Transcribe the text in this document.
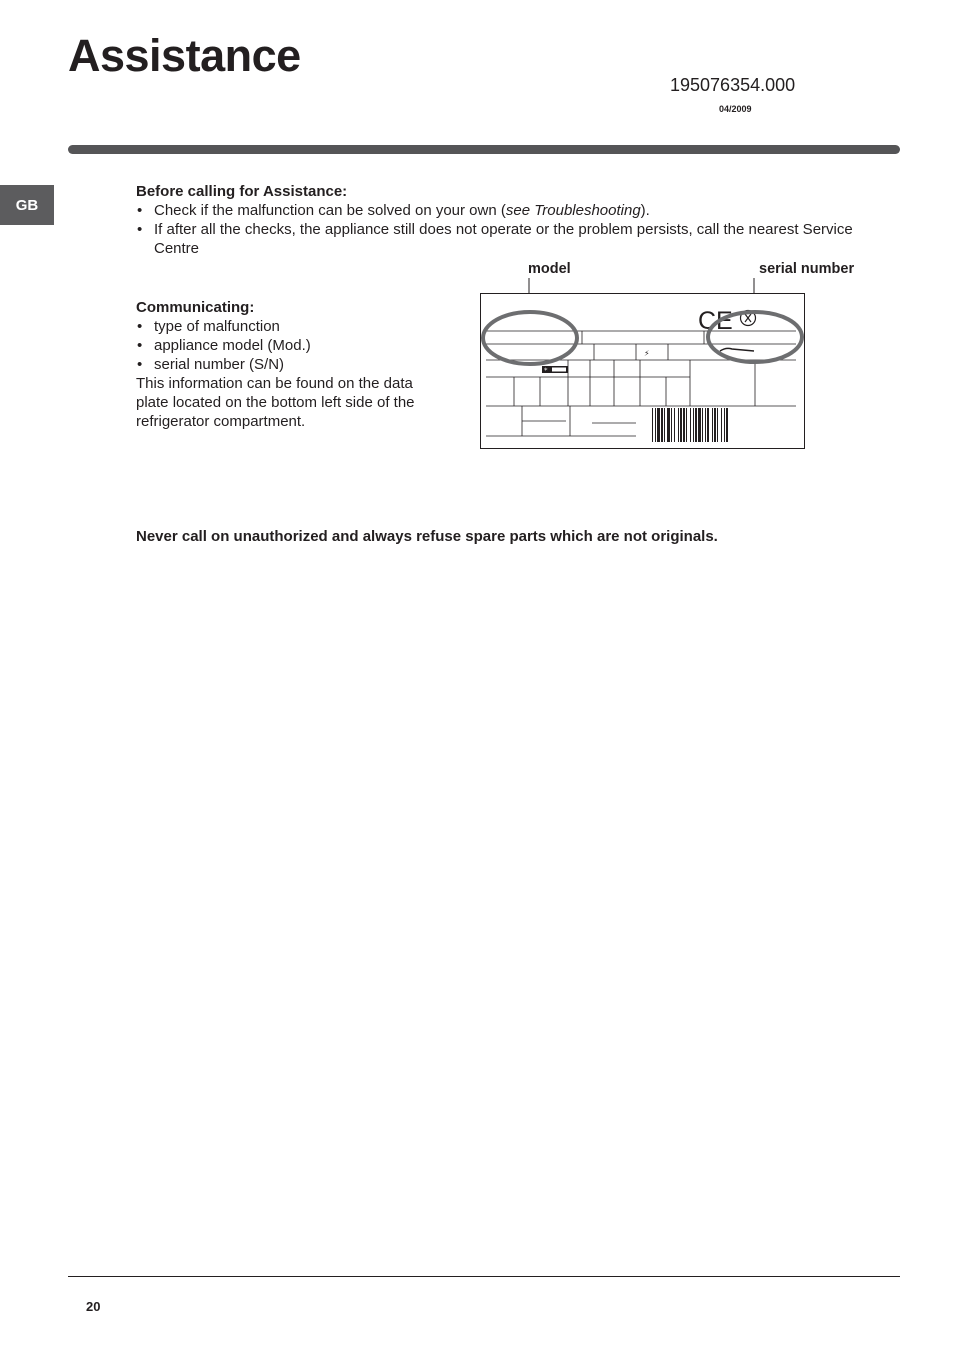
Assistance
195076354.000
04/2009
GB
Before calling for Assistance:
• Check if the malfunction can be solved on your own (see Troubleshooting).
• If after all the checks, the appliance still does not operate or the problem persists, call the nearest Service Centre
Communicating:
• type of malfunction
• appliance model (Mod.)
• serial number (S/N)
This information can be found on the data plate located on the bottom left side of the refrigerator compartment.
model	serial number
*
⚡
CE
Never call on unauthorized and always refuse spare parts which are not originals.
20
